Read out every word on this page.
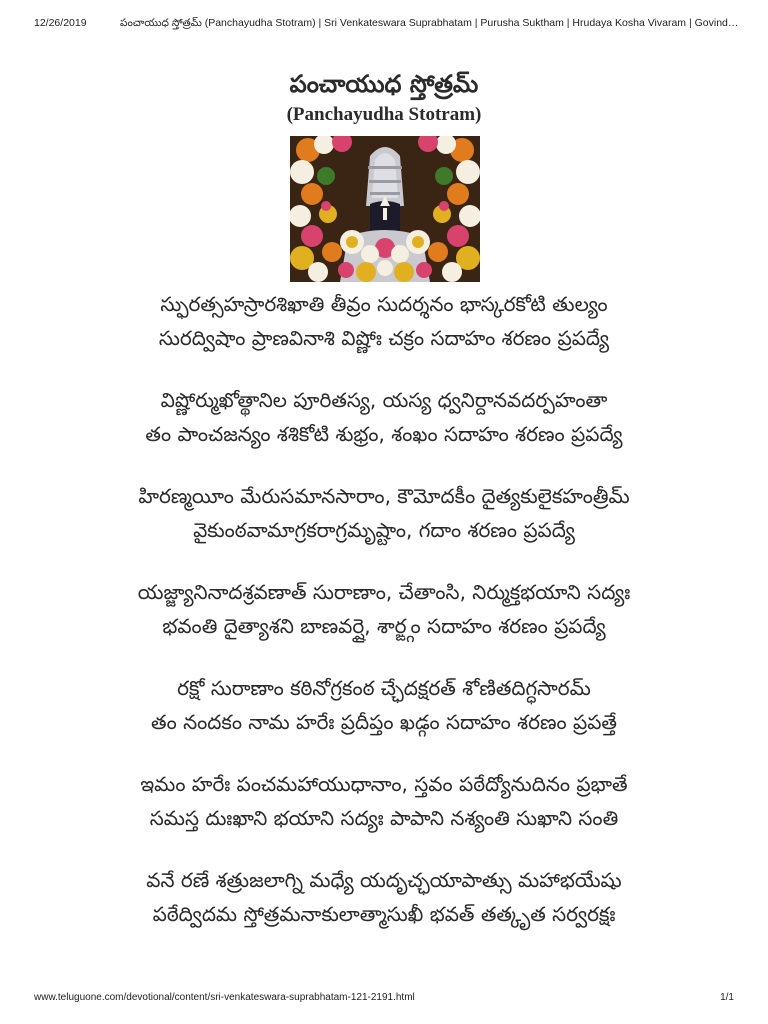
12/26/2019	పంచాయుధ స్తోత్రమ్ (Panchayudha Stotram) | Sri Venkateswara Suprabhatam | Purusha Suktham | Hrudaya Kosha Vivaram | Govinda...
పంచాయుధ స్తోత్రమ్
(Panchayudha Stotram)
స్ఫురత్సహస్రారశిఖాతి తీవ్రం సుదర్శనం భాస్కరకోటి తుల్యం
సురద్విషాం ప్రాణవినాశి విష్ణోః చక్రం సదాహం శరణం ప్రపద్యే
విష్ణోర్ముఖోత్థానిల పూరితస్య, యస్య ధ్వనిర్దానవదర్పహంతా
తం పాంచజన్యం శశికోటి శుభ్రం, శంఖం సదాహం శరణం ప్రపద్యే
హిరణ్మయీం మేరుసమానసారాం, కౌమోదకీం దైత్యకులైకహంత్రీమ్
వైకుంఠవామాగ్రకరాగ్రమృష్టాం, గదాం శరణం ప్రపద్యే
యజ్జ్యానినాదశ్రవణాత్ సురాణాం, చేతాంసి, నిర్ముక్తభయాని సద్యః
భవంతి దైత్యాశని బాణవర్షై, శార్ఙ్గం సదాహం శరణం ప్రపద్యే
రక్షో సురాణాం కఠినోగ్రకంఠ చ్ఛేదక్షరత్ శోణితదిగ్ధసారమ్
తం నందకం నామ హరేః ప్రదీప్తం ఖడ్గం సదాహం శరణం ప్రపత్తే
ఇమం హరేః పంచమహాయుధానాం, స్తవం పఠేద్యోనుదినం ప్రభాతే
సమస్త దుఃఖాని భయాని సద్యః పాపాని నశ్యంతి సుఖాని సంతి
వనే రణే శత్రుజలాగ్ని మధ్యే యదృచ్ఛయాపాత్సు మహాభయేషు
పఠేద్విదమ స్తోత్రమనాకులాత్మాసుఖీ భవత్ తత్కృత సర్వరక్షః
www.teluguone.com/devotional/content/sri-venkateswara-suprabhatam-121-2191.html	1/1
